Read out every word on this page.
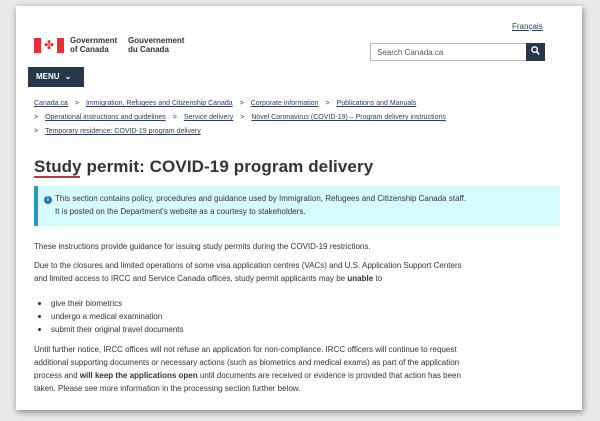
Français
✤	Government
of Canada
Gouvernement
du Canada
Search Canada.ca
MENU ⌄
Canada.ca > Immigration, Refugees and Citizenship Canada > Corporate information > Publications and Manuals
> Operational instructions and guidelines > Service delivery > Novel Coronavirus (COVID-19) – Program delivery instructions
> Temporary residence: COVID-19 program delivery
Study permit: COVID-19 program delivery
i This section contains policy, procedures and guidance used by Immigration, Refugees and Citizenship Canada staff.
It is posted on the Department's website as a courtesy to stakeholders.
These instructions provide guidance for issuing study permits during the COVID-19 restrictions.
Due to the closures and limited operations of some visa application centres (VACs) and U.S. Application Support Centers
and limited access to IRCC and Service Canada offices, study permit applicants may be unable to
give their biometrics
undergo a medical examination
submit their original travel documents
Until further notice, IRCC offices will not refuse an application for non-compliance. IRCC officers will continue to request
additional supporting documents or necessary actions (such as biometrics and medical exams) as part of the application
process and will keep the applications open until documents are received or evidence is provided that action has been
taken. Please see more information in the processing section further below.
